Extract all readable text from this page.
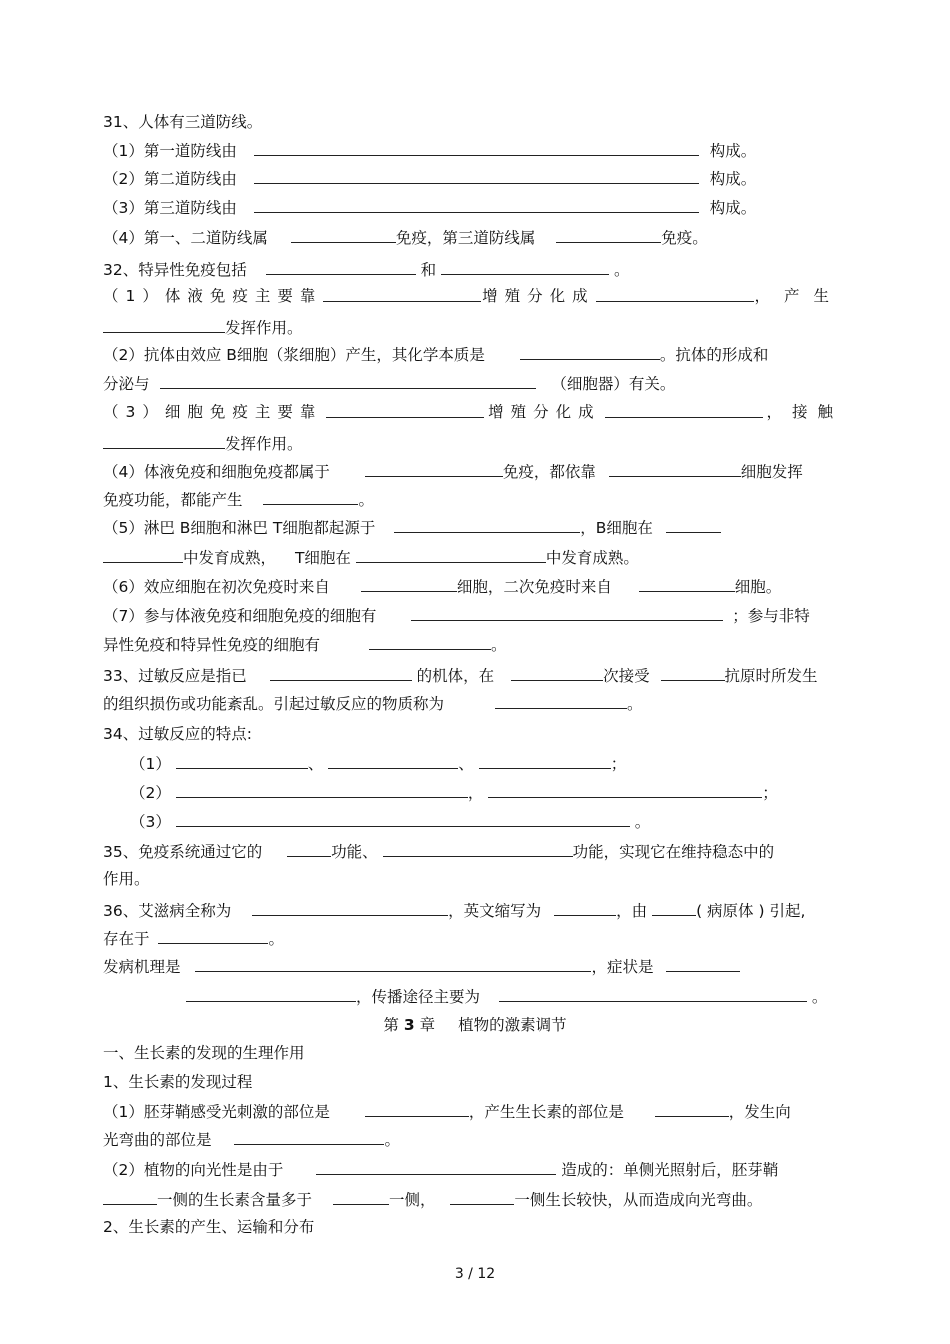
31、人体有三道防线。
（1）第一道防线由	构成。
（2）第二道防线由	构成。
（3）第三道防线由	构成。
（4）第一、二道防线属	免疫，第三道防线属	免疫。
32、特异性免疫包括	和	。
（1）体液免疫主要靠	增殖分化成	，产生
发挥作用。
（2）抗体由效应 B细胞（浆细胞）产生，其化学本质是	。抗体的形成和
分泌与	（细胞器）有关。
（3）细胞免疫主要靠	增殖分化成	，接触
发挥作用。
（4）体液免疫和细胞免疫都属于	免疫，都依靠	细胞发挥
免疫功能，都能产生	。
（5）淋巴 B细胞和淋巴 T细胞都起源于	，B细胞在
中发育成熟， T细胞在	中发育成熟。
（6）效应细胞在初次免疫时来自	细胞，二次免疫时来自	细胞。
（7）参与体液免疫和细胞免疫的细胞有	；参与非特
异性免疫和特异性免疫的细胞有	。
33、过敏反应是指已	的机体，在	次接受	抗原时所发生
的组织损伤或功能紊乱。引起过敏反应的物质称为	。
34、过敏反应的特点:
（1）	、	、	；
（2）	，	；
（3）	。
35、免疫系统通过它的	功能、	功能，实现它在维持稳态中的
作用。
36、艾滋病全称为	，英文缩写为	，由	( 病原体 ) 引起,
存在于	。
发病机理是	，症状是
，传播途径主要为	。
第 3 章 植物的激素调节
一、生长素的发现的生理作用
1、生长素的发现过程
（1）胚芽鞘感受光刺激的部位是	，产生生长素的部位是	，发生向
光弯曲的部位是	。
（2）植物的向光性是由于	造成的：单侧光照射后，胚芽鞘
一侧的生长素含量多于	一侧，	一侧生长较快，从而造成向光弯曲。
2、生长素的产生、运输和分布
3 / 12
